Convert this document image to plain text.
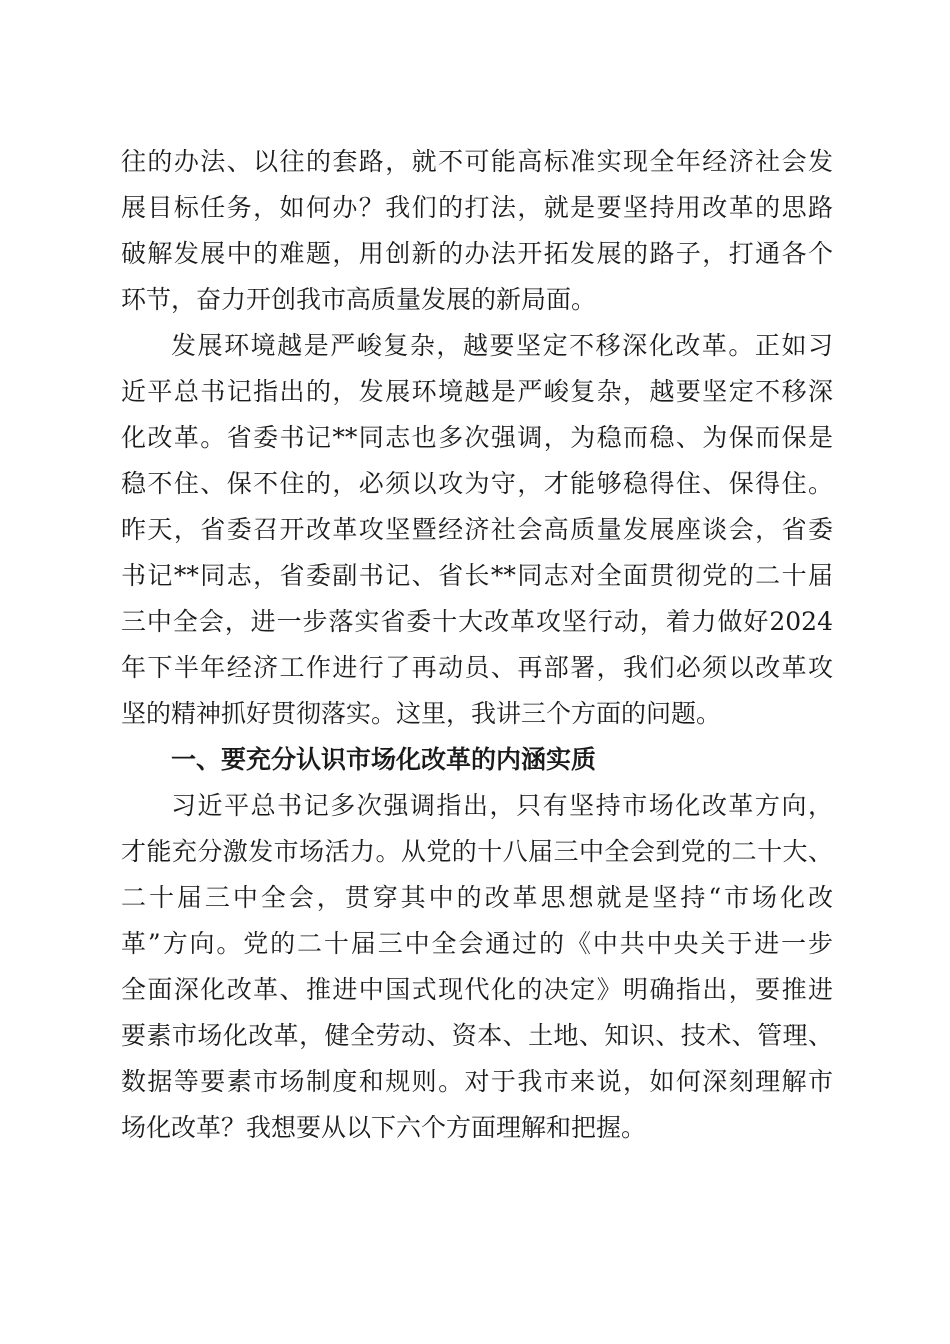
往的办法、以往的套路，就不可能高标准实现全年经济社会发
展目标任务，如何办？我们的打法，就是要坚持用改革的思路
破解发展中的难题，用创新的办法开拓发展的路子，打通各个
环节，奋力开创我市高质量发展的新局面。
发展环境越是严峻复杂，越要坚定不移深化改革。正如习
近平总书记指出的，发展环境越是严峻复杂，越要坚定不移深
化改革。省委书记**同志也多次强调，为稳而稳、为保而保是
稳不住、保不住的，必须以攻为守，才能够稳得住、保得住。
昨天，省委召开改革攻坚暨经济社会高质量发展座谈会，省委
书记**同志，省委副书记、省长**同志对全面贯彻党的二十届
三中全会，进一步落实省委十大改革攻坚行动，着力做好2024
年下半年经济工作进行了再动员、再部署，我们必须以改革攻
坚的精神抓好贯彻落实。这里，我讲三个方面的问题。
一、要充分认识市场化改革的内涵实质
习近平总书记多次强调指出，只有坚持市场化改革方向，
才能充分激发市场活力。从党的十八届三中全会到党的二十大、
二十届三中全会，贯穿其中的改革思想就是坚持“市场化改
革”方向。党的二十届三中全会通过的《中共中央关于进一步
全面深化改革、推进中国式现代化的决定》明确指出，要推进
要素市场化改革，健全劳动、资本、土地、知识、技术、管理、
数据等要素市场制度和规则。对于我市来说，如何深刻理解市
场化改革？我想要从以下六个方面理解和把握。
